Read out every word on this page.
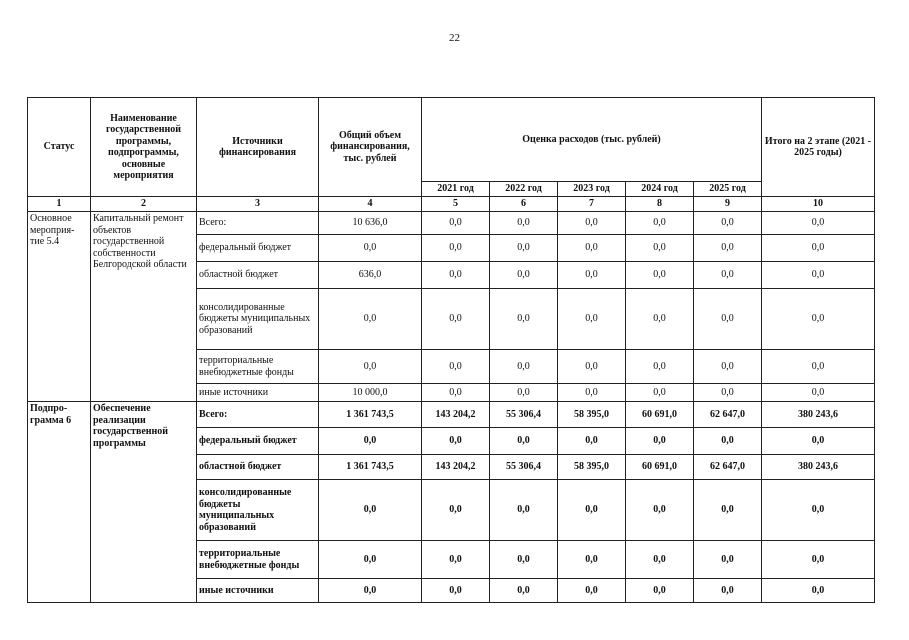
22
Статус	Наименование государственной программы, подпрограммы, основные мероприятия	Источники финансирования	Общий объем финансирования, тыс. рублей	Оценка расходов (тыс. рублей)					Итого на 2 этапе (2021 - 2025 годы)
				2021 год	2022 год	2023 год	2024 год	2025 год	
1	2	3	4	5	6	7	8	9	10
Основное мероприя-тие 5.4	Капитальный ремонт объектов государственной собственности Белгородской области	Всего:	10 636,0	0,0	0,0	0,0	0,0	0,0	0,0
		федеральный бюджет	0,0	0,0	0,0	0,0	0,0	0,0	0,0
		областной бюджет	636,0	0,0	0,0	0,0	0,0	0,0	0,0
		консолидированные бюджеты муниципальных образований	0,0	0,0	0,0	0,0	0,0	0,0	0,0
		территориальные внебюджетные фонды	0,0	0,0	0,0	0,0	0,0	0,0	0,0
		иные источники	10 000,0	0,0	0,0	0,0	0,0	0,0	0,0
Подпро-грамма 6	Обеспечение реализации государственной программы	Всего:	1 361 743,5	143 204,2	55 306,4	58 395,0	60 691,0	62 647,0	380 243,6
		федеральный бюджет	0,0	0,0	0,0	0,0	0,0	0,0	0,0
		областной бюджет	1 361 743,5	143 204,2	55 306,4	58 395,0	60 691,0	62 647,0	380 243,6
		консолидированные бюджеты муниципальных образований	0,0	0,0	0,0	0,0	0,0	0,0	0,0
		территориальные внебюджетные фонды	0,0	0,0	0,0	0,0	0,0	0,0	0,0
		иные источники	0,0	0,0	0,0	0,0	0,0	0,0	0,0
